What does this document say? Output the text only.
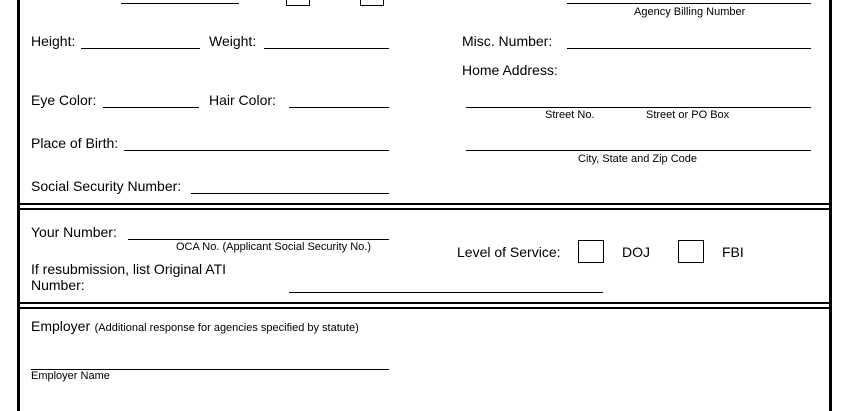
Agency Billing Number
Height:	Weight:	Misc. Number:
Home Address:
Eye Color:	Hair Color:
Street No.	Street or PO Box
Place of Birth:
City, State and Zip Code
Social Security Number:
Your Number:
OCA No. (Applicant Social Security No.)	Level of Service:	DOJ	FBI
If resubmission, list Original ATI
Number:
Employer (Additional response for agencies specified by statute)
Employer Name
